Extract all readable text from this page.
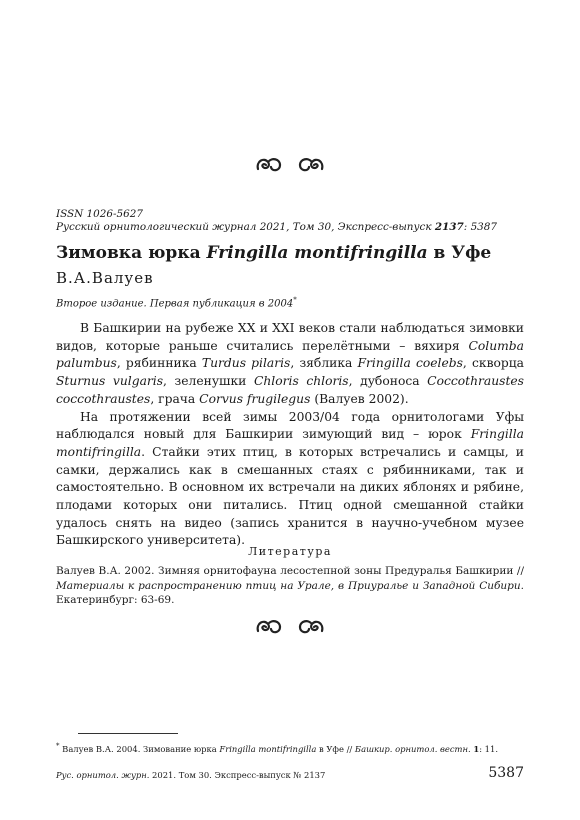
ISSN 1026-5627
Русский орнитологический журнал 2021, Том 30, Экспресс-выпуск 2137: 5387
Зимовка юрка Fringilla montifringilla в Уфе
В.А.Валуев
Второе издание. Первая публикация в 2004*

В Башкирии на рубеже XX и XXI веков стали наблюдаться зимовки видов, которые раньше считались перелётными – вяхиря Columba palumbus, рябинника Turdus pilaris, зяблика Fringilla coelebs, скворца Sturnus vulgaris, зеленушки Chloris chloris, дубоноса Coccothraustes coccothraustes, грача Corvus frugilegus (Валуев 2002).

На протяжении всей зимы 2003/04 года орнитологами Уфы наблюдался новый для Башкирии зимующий вид – юрок Fringilla montifringilla. Стайки этих птиц, в которых встречались и самцы, и самки, держались как в смешанных стаях с рябинниками, так и самостоятельно. В основном их встречали на диких яблонях и рябине, плодами которых они питались. Птиц одной смешанной стайки удалось снять на видео (запись хранится в научно-учебном музее Башкирского университета).

Литература
Валуев В.А. 2002. Зимняя орнитофауна лесостепной зоны Предуралья Башкирии // Материалы к распространению птиц на Урале, в Приуралье и Западной Сибири. Екатеринбург: 63-69.

* Валуев В.А. 2004. Зимование юрка Fringilla montifringilla в Уфе // Башкир. орнитол. вестн. 1: 11.
Рус. орнитол. журн. 2021. Том 30. Экспресс-выпуск № 2137	5387
